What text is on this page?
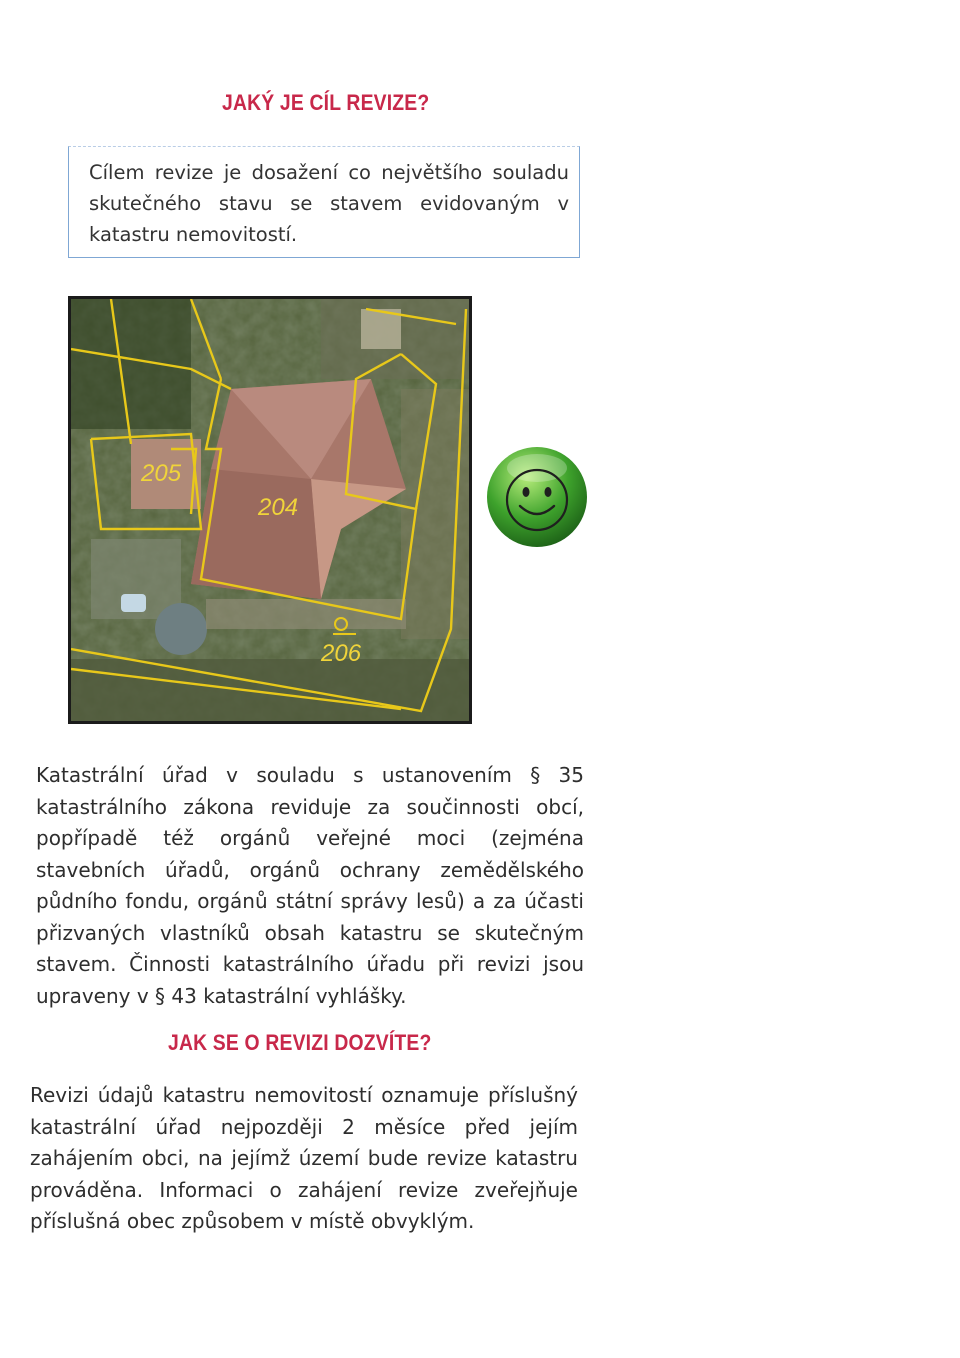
JAKÝ JE CÍL REVIZE?
Cílem revize je dosažení co největšího souladu skutečného stavu se stavem evidovaným v katastru nemovitostí.
205
204
206
Katastrální úřad v souladu s ustanovením § 35 katastrálního zákona reviduje za součinnosti obcí, popřípadě též orgánů veřejné moci (zejména stavebních úřadů, orgánů ochrany zemědělského půdního fondu, orgánů státní správy lesů) a za účasti přizvaných vlastníků obsah katastru se skutečným stavem. Činnosti katastrálního úřadu při revizi jsou upraveny v § 43 katastrální vyhlášky.
JAK SE O REVIZI DOZVÍTE?
Revizi údajů katastru nemovitostí oznamuje příslušný katastrální úřad nejpozději 2 měsíce před jejím zahájením obci, na jejímž území bude revize katastru prováděna. Informaci o zahájení revize zveřejňuje příslušná obec způsobem v místě obvyklým.
